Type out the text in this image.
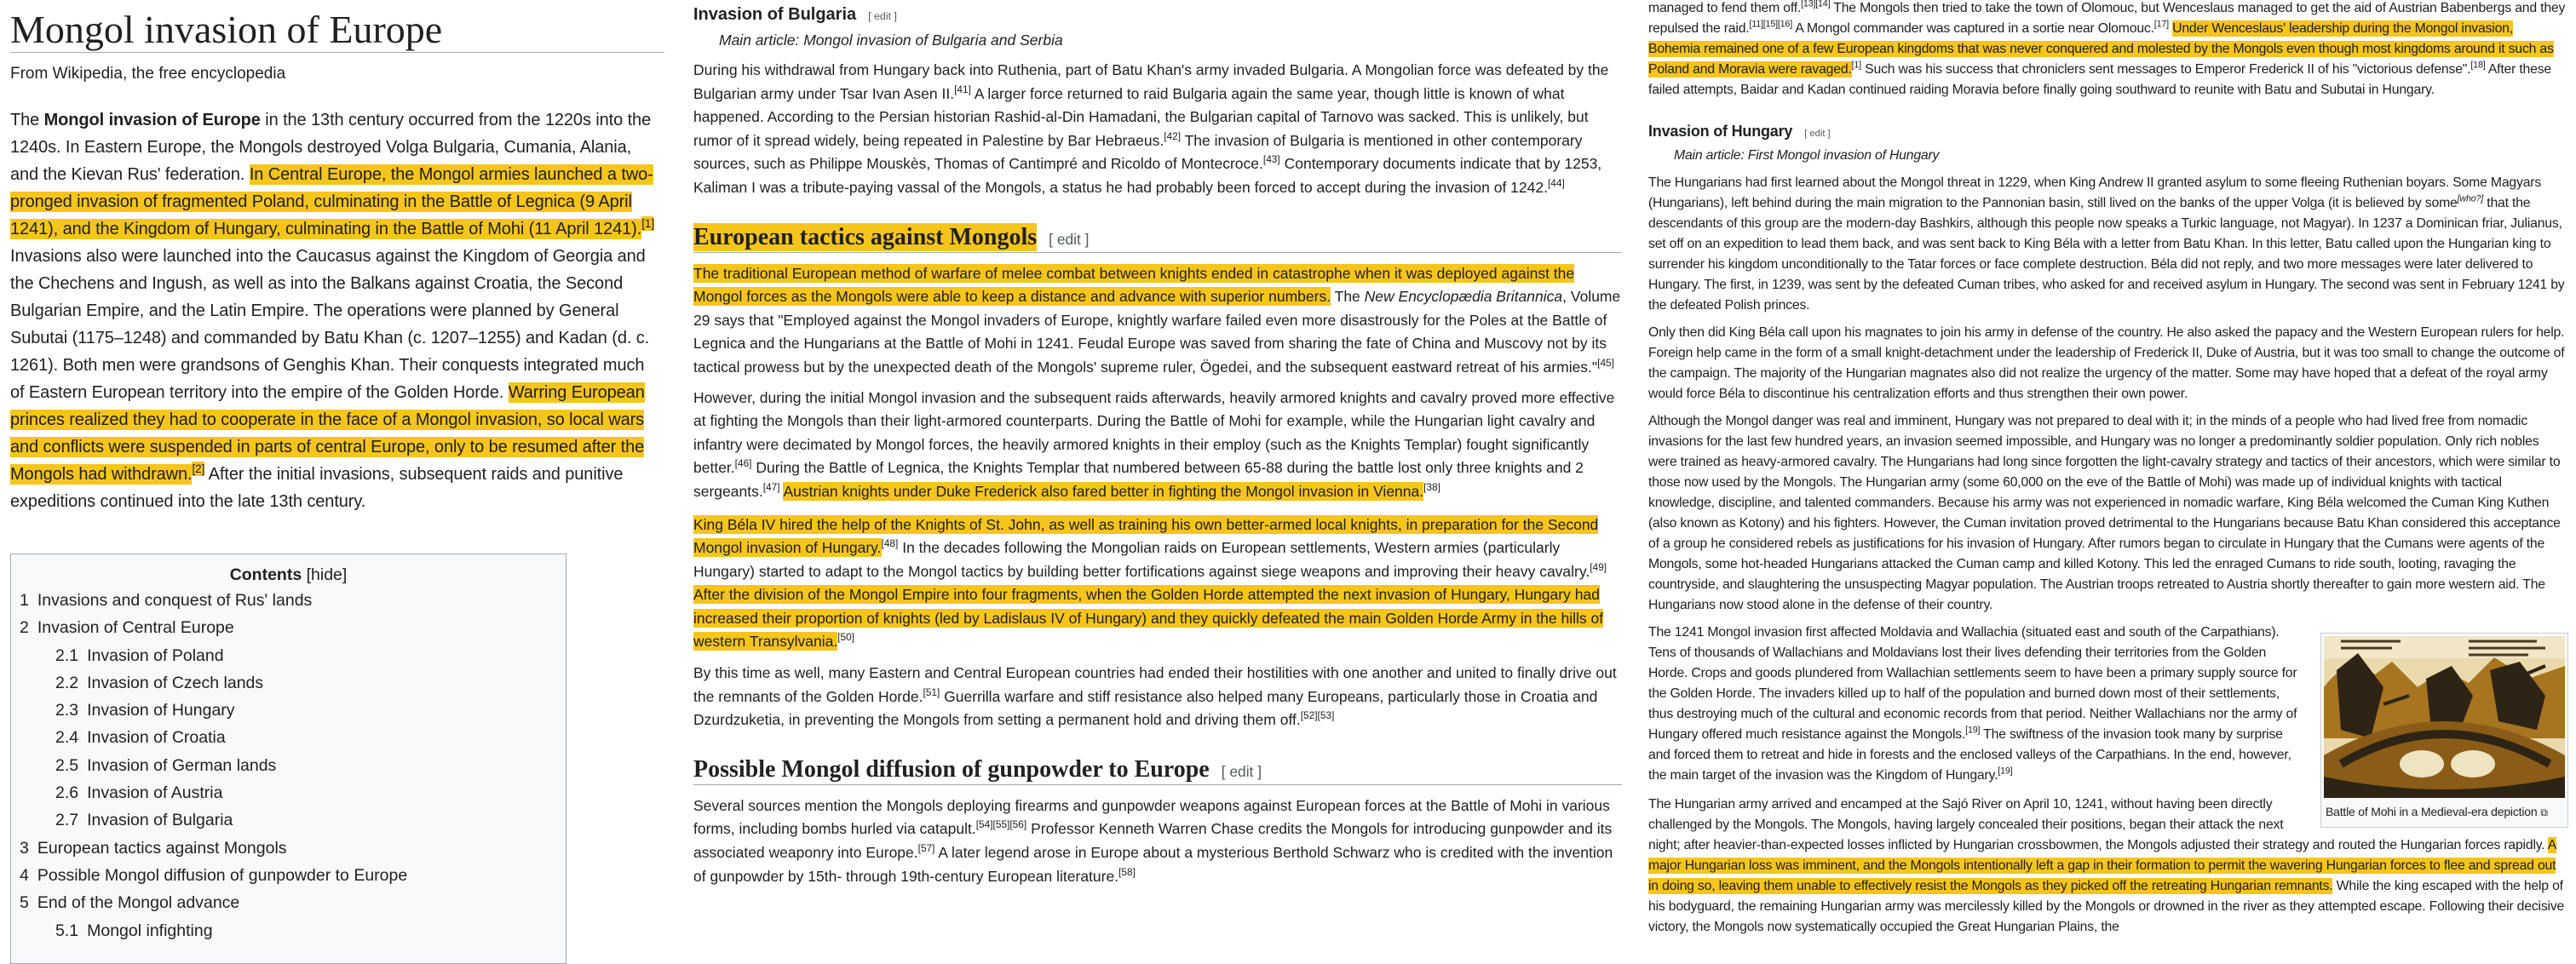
Mongol invasion of Europe
From Wikipedia, the free encyclopedia

The Mongol invasion of Europe in the 13th century occurred from the 1220s into the 1240s. In Eastern Europe, the Mongols destroyed Volga Bulgaria, Cumania, Alania, and the Kievan Rus' federation. In Central Europe, the Mongol armies launched a two-pronged invasion of fragmented Poland, culminating in the Battle of Legnica (9 April 1241), and the Kingdom of Hungary, culminating in the Battle of Mohi (11 April 1241).[1] Invasions also were launched into the Caucasus against the Kingdom of Georgia and the Chechens and Ingush, as well as into the Balkans against Croatia, the Second Bulgarian Empire, and the Latin Empire. The operations were planned by General Subutai (1175–1248) and commanded by Batu Khan (c. 1207–1255) and Kadan (d. c. 1261). Both men were grandsons of Genghis Khan. Their conquests integrated much of Eastern European territory into the empire of the Golden Horde. Warring European princes realized they had to cooperate in the face of a Mongol invasion, so local wars and conflicts were suspended in parts of central Europe, only to be resumed after the Mongols had withdrawn.[2] After the initial invasions, subsequent raids and punitive expeditions continued into the late 13th century.

Contents [hide]
1 Invasions and conquest of Rus' lands
2 Invasion of Central Europe
2.1 Invasion of Poland
2.2 Invasion of Czech lands
2.3 Invasion of Hungary
2.4 Invasion of Croatia
2.5 Invasion of German lands
2.6 Invasion of Austria
2.7 Invasion of Bulgaria
3 European tactics against Mongols
4 Possible Mongol diffusion of gunpowder to Europe
5 End of the Mongol advance
5.1 Mongol infighting
Invasion of Bulgaria [ edit ]
Main article: Mongol invasion of Bulgaria and Serbia

During his withdrawal from Hungary back into Ruthenia, part of Batu Khan's army invaded Bulgaria. A Mongolian force was defeated by the Bulgarian army under Tsar Ivan Asen II.[41] A larger force returned to raid Bulgaria again the same year, though little is known of what happened. According to the Persian historian Rashid-al-Din Hamadani, the Bulgarian capital of Tarnovo was sacked. This is unlikely, but rumor of it spread widely, being repeated in Palestine by Bar Hebraeus.[42] The invasion of Bulgaria is mentioned in other contemporary sources, such as Philippe Mouskès, Thomas of Cantimpré and Ricoldo of Montecroce.[43] Contemporary documents indicate that by 1253, Kaliman I was a tribute-paying vassal of the Mongols, a status he had probably been forced to accept during the invasion of 1242.[44]

European tactics against Mongols [ edit ]

The traditional European method of warfare of melee combat between knights ended in catastrophe when it was deployed against the Mongol forces as the Mongols were able to keep a distance and advance with superior numbers. The New Encyclopædia Britannica, Volume 29 says that "Employed against the Mongol invaders of Europe, knightly warfare failed even more disastrously for the Poles at the Battle of Legnica and the Hungarians at the Battle of Mohi in 1241. Feudal Europe was saved from sharing the fate of China and Muscovy not by its tactical prowess but by the unexpected death of the Mongols' supreme ruler, Ögedei, and the subsequent eastward retreat of his armies."[45]

However, during the initial Mongol invasion and the subsequent raids afterwards, heavily armored knights and cavalry proved more effective at fighting the Mongols than their light-armored counterparts. During the Battle of Mohi for example, while the Hungarian light cavalry and infantry were decimated by Mongol forces, the heavily armored knights in their employ (such as the Knights Templar) fought significantly better.[46] During the Battle of Legnica, the Knights Templar that numbered between 65-88 during the battle lost only three knights and 2 sergeants.[47] Austrian knights under Duke Frederick also fared better in fighting the Mongol invasion in Vienna.[38]

King Béla IV hired the help of the Knights of St. John, as well as training his own better-armed local knights, in preparation for the Second Mongol invasion of Hungary.[48] In the decades following the Mongolian raids on European settlements, Western armies (particularly Hungary) started to adapt to the Mongol tactics by building better fortifications against siege weapons and improving their heavy cavalry.[49] After the division of the Mongol Empire into four fragments, when the Golden Horde attempted the next invasion of Hungary, Hungary had increased their proportion of knights (led by Ladislaus IV of Hungary) and they quickly defeated the main Golden Horde Army in the hills of western Transylvania.[50]

By this time as well, many Eastern and Central European countries had ended their hostilities with one another and united to finally drive out the remnants of the Golden Horde.[51] Guerrilla warfare and stiff resistance also helped many Europeans, particularly those in Croatia and Dzurdzuketia, in preventing the Mongols from setting a permanent hold and driving them off.[52][53]

Possible Mongol diffusion of gunpowder to Europe [ edit ]

Several sources mention the Mongols deploying firearms and gunpowder weapons against European forces at the Battle of Mohi in various forms, including bombs hurled via catapult.[54][55][56] Professor Kenneth Warren Chase credits the Mongols for introducing gunpowder and its associated weaponry into Europe.[57] A later legend arose in Europe about a mysterious Berthold Schwarz who is credited with the invention of gunpowder by 15th- through 19th-century European literature.[58]

managed to fend them off.[13][14] The Mongols then tried to take the town of Olomouc, but Wenceslaus managed to get the aid of Austrian Babenbergs and they repulsed the raid.[11][15][16] A Mongol commander was captured in a sortie near Olomouc.[17] Under Wenceslaus' leadership during the Mongol invasion, Bohemia remained one of a few European kingdoms that was never conquered and molested by the Mongols even though most kingdoms around it such as Poland and Moravia were ravaged.[1] Such was his success that chroniclers sent messages to Emperor Frederick II of his "victorious defense".[18] After these failed attempts, Baidar and Kadan continued raiding Moravia before finally going southward to reunite with Batu and Subutai in Hungary.

Invasion of Hungary [ edit ]
Main article: First Mongol invasion of Hungary

The Hungarians had first learned about the Mongol threat in 1229, when King Andrew II granted asylum to some fleeing Ruthenian boyars. Some Magyars (Hungarians), left behind during the main migration to the Pannonian basin, still lived on the banks of the upper Volga (it is believed by some[who?] that the descendants of this group are the modern-day Bashkirs, although this people now speaks a Turkic language, not Magyar). In 1237 a Dominican friar, Julianus, set off on an expedition to lead them back, and was sent back to King Béla with a letter from Batu Khan. In this letter, Batu called upon the Hungarian king to surrender his kingdom unconditionally to the Tatar forces or face complete destruction. Béla did not reply, and two more messages were later delivered to Hungary. The first, in 1239, was sent by the defeated Cuman tribes, who asked for and received asylum in Hungary. The second was sent in February 1241 by the defeated Polish princes.

Only then did King Béla call upon his magnates to join his army in defense of the country. He also asked the papacy and the Western European rulers for help. Foreign help came in the form of a small knight-detachment under the leadership of Frederick II, Duke of Austria, but it was too small to change the outcome of the campaign. The majority of the Hungarian magnates also did not realize the urgency of the matter. Some may have hoped that a defeat of the royal army would force Béla to discontinue his centralization efforts and thus strengthen their own power.

Although the Mongol danger was real and imminent, Hungary was not prepared to deal with it; in the minds of a people who had lived free from nomadic invasions for the last few hundred years, an invasion seemed impossible, and Hungary was no longer a predominantly soldier population. Only rich nobles were trained as heavy-armored cavalry. The Hungarians had long since forgotten the light-cavalry strategy and tactics of their ancestors, which were similar to those now used by the Mongols. The Hungarian army (some 60,000 on the eve of the Battle of Mohi) was made up of individual knights with tactical knowledge, discipline, and talented commanders. Because his army was not experienced in nomadic warfare, King Béla welcomed the Cuman King Kuthen (also known as Kotony) and his fighters. However, the Cuman invitation proved detrimental to the Hungarians because Batu Khan considered this acceptance of a group he considered rebels as justifications for his invasion of Hungary. After rumors began to circulate in Hungary that the Cumans were agents of the Mongols, some hot-headed Hungarians attacked the Cuman camp and killed Kotony. This led the enraged Cumans to ride south, looting, ravaging the countryside, and slaughtering the unsuspecting Magyar population. The Austrian troops retreated to Austria shortly thereafter to gain more western aid. The Hungarians now stood alone in the defense of their country.

Battle of Mohi in a Medieval-era depiction ⧉

The 1241 Mongol invasion first affected Moldavia and Wallachia (situated east and south of the Carpathians). Tens of thousands of Wallachians and Moldavians lost their lives defending their territories from the Golden Horde. Crops and goods plundered from Wallachian settlements seem to have been a primary supply source for the Golden Horde. The invaders killed up to half of the population and burned down most of their settlements, thus destroying much of the cultural and economic records from that period. Neither Wallachians nor the army of Hungary offered much resistance against the Mongols.[19] The swiftness of the invasion took many by surprise and forced them to retreat and hide in forests and the enclosed valleys of the Carpathians. In the end, however, the main target of the invasion was the Kingdom of Hungary.[19]

The Hungarian army arrived and encamped at the Sajó River on April 10, 1241, without having been directly challenged by the Mongols. The Mongols, having largely concealed their positions, began their attack the next night; after heavier-than-expected losses inflicted by Hungarian crossbowmen, the Mongols adjusted their strategy and routed the Hungarian forces rapidly. A major Hungarian loss was imminent, and the Mongols intentionally left a gap in their formation to permit the wavering Hungarian forces to flee and spread out in doing so, leaving them unable to effectively resist the Mongols as they picked off the retreating Hungarian remnants. While the king escaped with the help of his bodyguard, the remaining Hungarian army was mercilessly killed by the Mongols or drowned in the river as they attempted escape. Following their decisive victory, the Mongols now systematically occupied the Great Hungarian Plains, the
